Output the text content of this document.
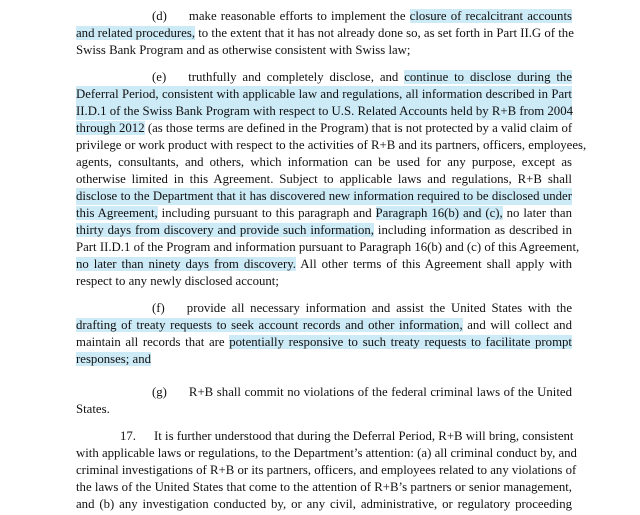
(d) make reasonable efforts to implement the closure of recalcitrant accounts
and related procedures, to the extent that it has not already done so, as set forth in Part II.G of the
Swiss Bank Program and as otherwise consistent with Swiss law;
(e) truthfully and completely disclose, and continue to disclose during the
Deferral Period, consistent with applicable law and regulations, all information described in Part
II.D.1 of the Swiss Bank Program with respect to U.S. Related Accounts held by R+B from 2004
through 2012 (as those terms are defined in the Program) that is not protected by a valid claim of
privilege or work product with respect to the activities of R+B and its partners, officers, employees,
agents, consultants, and others, which information can be used for any purpose, except as
otherwise limited in this Agreement. Subject to applicable laws and regulations, R+B shall
disclose to the Department that it has discovered new information required to be disclosed under
this Agreement, including pursuant to this paragraph and Paragraph 16(b) and (c), no later than
thirty days from discovery and provide such information, including information as described in
Part II.D.1 of the Program and information pursuant to Paragraph 16(b) and (c) of this Agreement,
no later than ninety days from discovery. All other terms of this Agreement shall apply with
respect to any newly disclosed account;
(f) provide all necessary information and assist the United States with the
drafting of treaty requests to seek account records and other information, and will collect and
maintain all records that are potentially responsive to such treaty requests to facilitate prompt
responses; and
(g) R+B shall commit no violations of the federal criminal laws of the United
States.
17. It is further understood that during the Deferral Period, R+B will bring, consistent
with applicable laws or regulations, to the Department’s attention: (a) all criminal conduct by, and
criminal investigations of R+B or its partners, officers, and employees related to any violations of
the laws of the United States that come to the attention of R+B’s partners or senior management,
and (b) any investigation conducted by, or any civil, administrative, or regulatory proceeding
